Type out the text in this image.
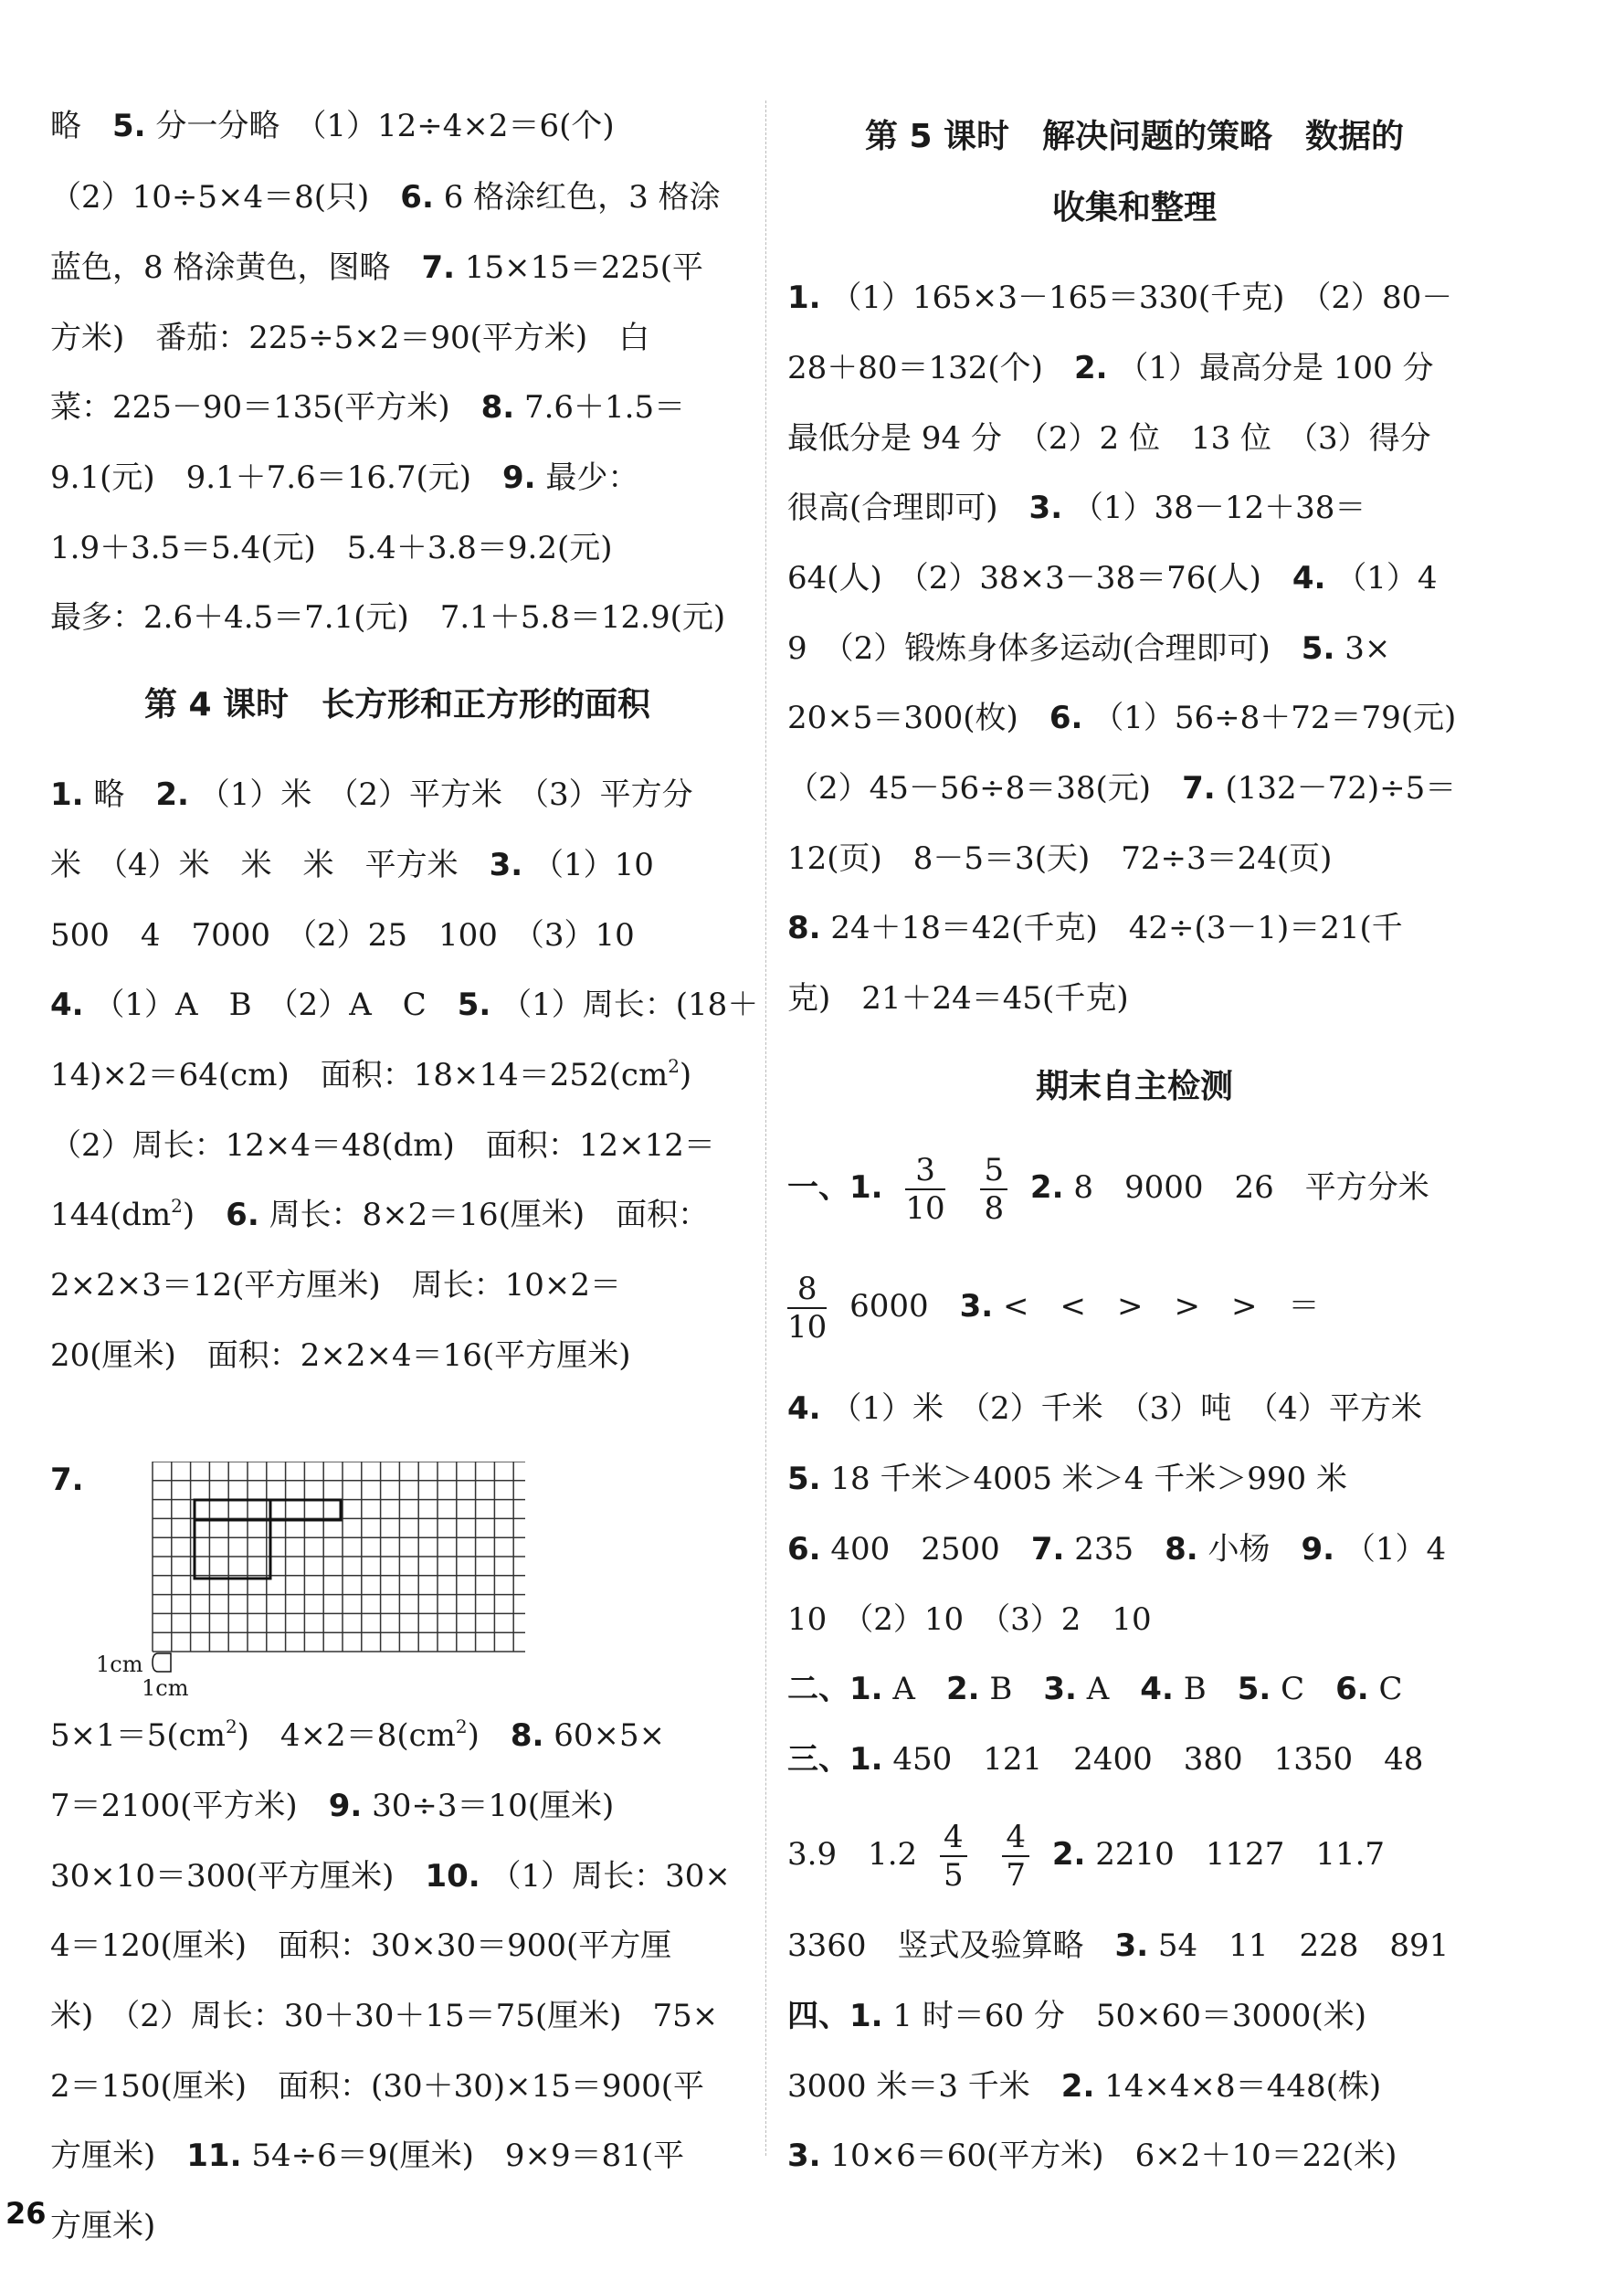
略　 5. 分一分略　（1）12÷4×2＝6(个)
（2）10÷5×4＝8(只)　6. 6 格涂红色，3 格涂
蓝色，8 格涂黄色，图略　7. 15×15＝225(平
方米)　番茄：225÷5×2＝90(平方米)　白
菜：225－90＝135(平方米)　8. 7.6＋1.5＝
9.1(元)　9.1＋7.6＝16.7(元)　9. 最少：
1.9＋3.5＝5.4(元)　5.4＋3.8＝9.2(元)
最多：2.6＋4.5＝7.1(元)　7.1＋5.8＝12.9(元)
第 4 课时　长方形和正方形的面积
1. 略　2. （1）米　（2）平方米　（3）平方分
米　（4）米　米　米　平方米　3. （1）10
500　4　7000　（2）25　100　（3）10
4. （1）A　B　（2）A　C　5. （1）周长：(18＋
14)×2＝64(cm)　面积：$18\times 14=252(cm^2)$
（2）周长：12×4＝48(dm)　面积：12×12＝
$144(dm^2)$　6. 周长：8×2＝16(厘米)　面积：
2×2×3＝12(平方厘米)　周长：10×2＝
20(厘米)　面积：2×2×4＝16(平方厘米)
7.
1cm
1cm
$5\times 1=5(cm^2)$　$4\times 2=8(cm^2)$　8. 60×5×
7＝2100(平方米)　9. 30÷3＝10(厘米)
30×10＝300(平方厘米)　10. （1）周长：30×
4＝120(厘米)　面积：30×30＝900(平方厘
米)　（2）周长：30＋30＋15＝75(厘米)　75×
2＝150(厘米)　面积：(30＋30)×15＝900(平
方厘米)　11. 54÷6＝9(厘米)　9×9＝81(平
方厘米)
第 5 课时　解决问题的策略　数据的
收集和整理
1. （1）165×3－165＝330(千克)　（2）80－
28＋80＝132(个)　2. （1）最高分是 100 分
最低分是 94 分　（2）2 位　13 位　（3）得分
很高(合理即可)　3. （1）38－12＋38＝
64(人)　（2）38×3－38＝76(人)　4. （1）4
9　（2）锻炼身体多运动(合理即可)　5. 3×
20×5＝300(枚)　6. （1）56÷8＋72＝79(元)
（2）45－56÷8＝38(元)　7. (132－72)÷5＝
12(页)　8－5＝3(天)　72÷3＝24(页)
8. 24＋18＝42(千克)　42÷(3－1)＝21(千
克)　21＋24＝45(千克)
期末自主检测
一、1. $\frac{3}{10}$
$\frac{5}{8} 2$. 8　9000　26　平方分米
$\frac{8}{10} 6000$　3. <　<　>　>　>　＝
4. （1）米　（2）千米　（3）吨　（4）平方米
5. 18 千米＞4005 米＞4 千米＞990 米
6. 400　2500　7. 235　8. 小杨　9. （1）4
10　（2）10　（3）2　10
二、1. A　2. B　3. A　4. B　5. C　6. C
三、1. 450　121　2400　380　1350　48
3.9　$1.2 \frac{4}{5}$
$\frac{4}{7} 2$. 2210　1127　11.7
3360　竖式及验算略　3. 54　11　228　891
四、1. 1 时＝60 分　50×60＝3000(米)
3000 米＝3 千米　2. 14×4×8＝448(株)
3. 10×6＝60(平方米)　6×2＋10＝22(米)
26
